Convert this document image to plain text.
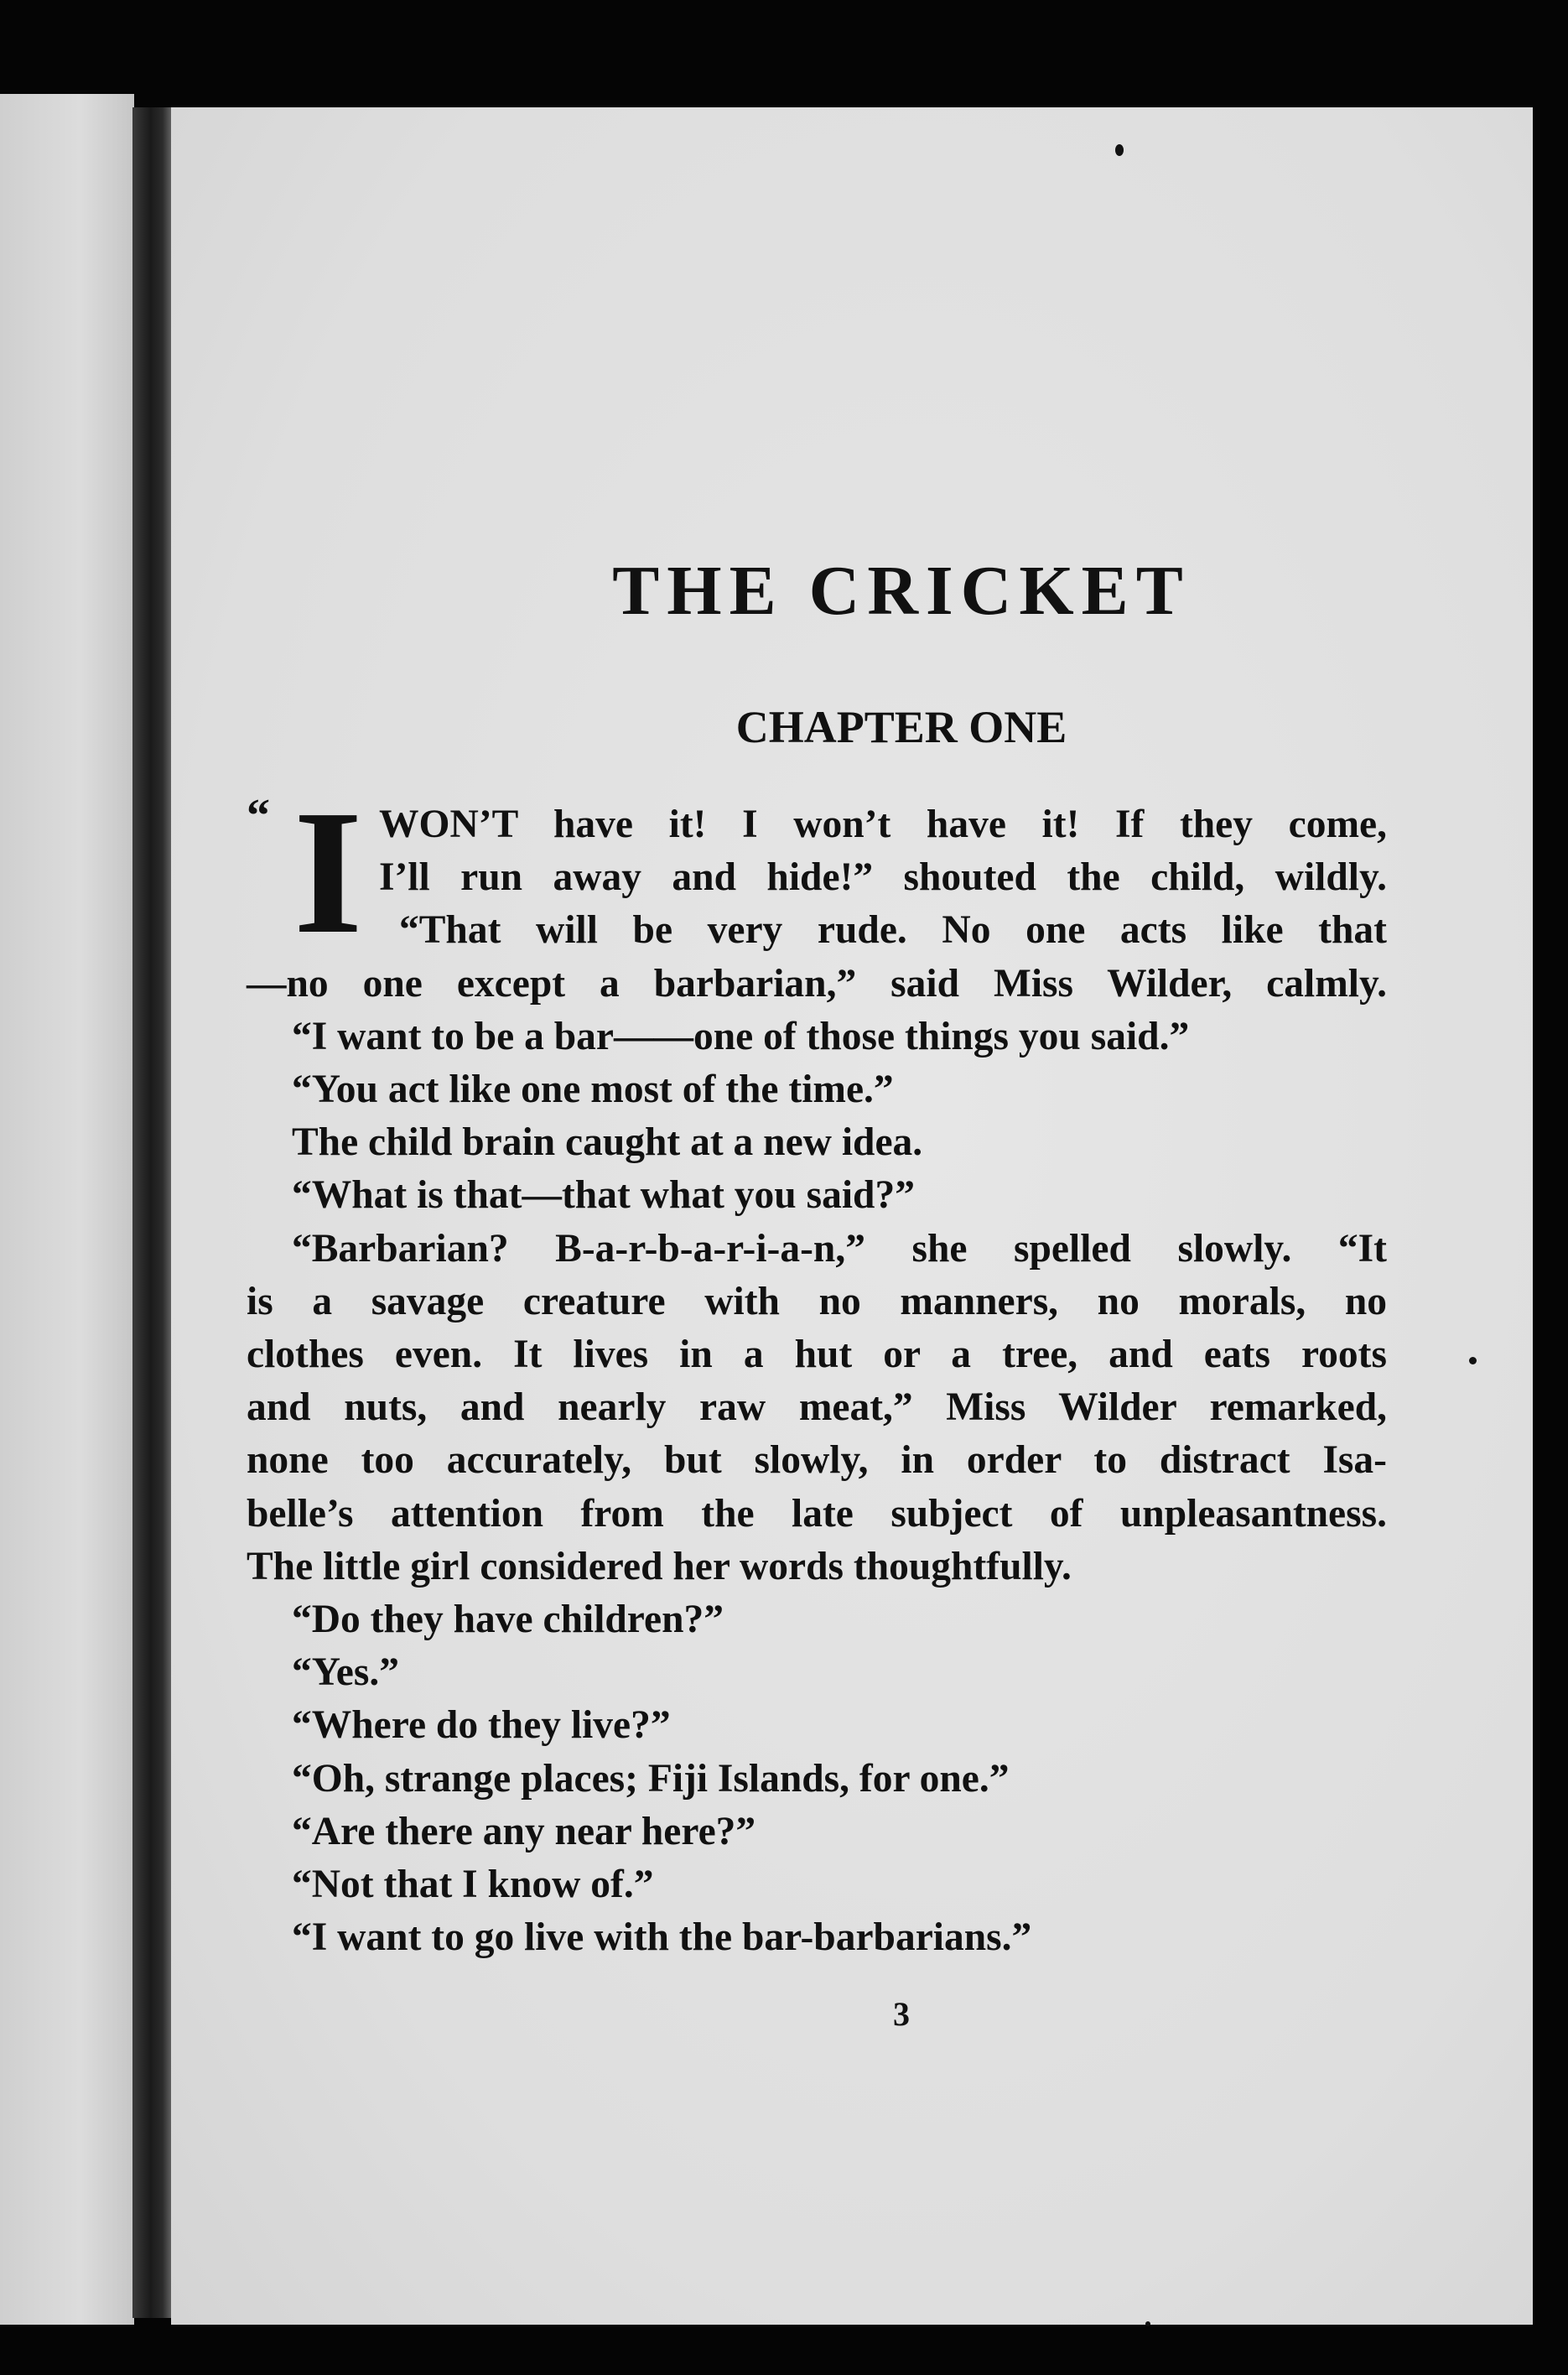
THE CRICKET
CHAPTER ONE
“ I WON’T have it! I won’t have it! If they come,
I’ll run away and hide!” shouted the child, wildly.
“That will be very rude. No one acts like that
—no one except a barbarian,” said Miss Wilder, calmly.
“I want to be a bar——one of those things you said.”
“You act like one most of the time.”
The child brain caught at a new idea.
“What is that—that what you said?”
“Barbarian? B-a-r-b-a-r-i-a-n,” she spelled slowly. “It
is a savage creature with no manners, no morals, no
clothes even. It lives in a hut or a tree, and eats roots
and nuts, and nearly raw meat,” Miss Wilder remarked,
none too accurately, but slowly, in order to distract Isa-
belle’s attention from the late subject of unpleasantness.
The little girl considered her words thoughtfully.
“Do they have children?”
“Yes.”
“Where do they live?”
“Oh, strange places; Fiji Islands, for one.”
“Are there any near here?”
“Not that I know of.”
“I want to go live with the bar-barbarians.”
3
